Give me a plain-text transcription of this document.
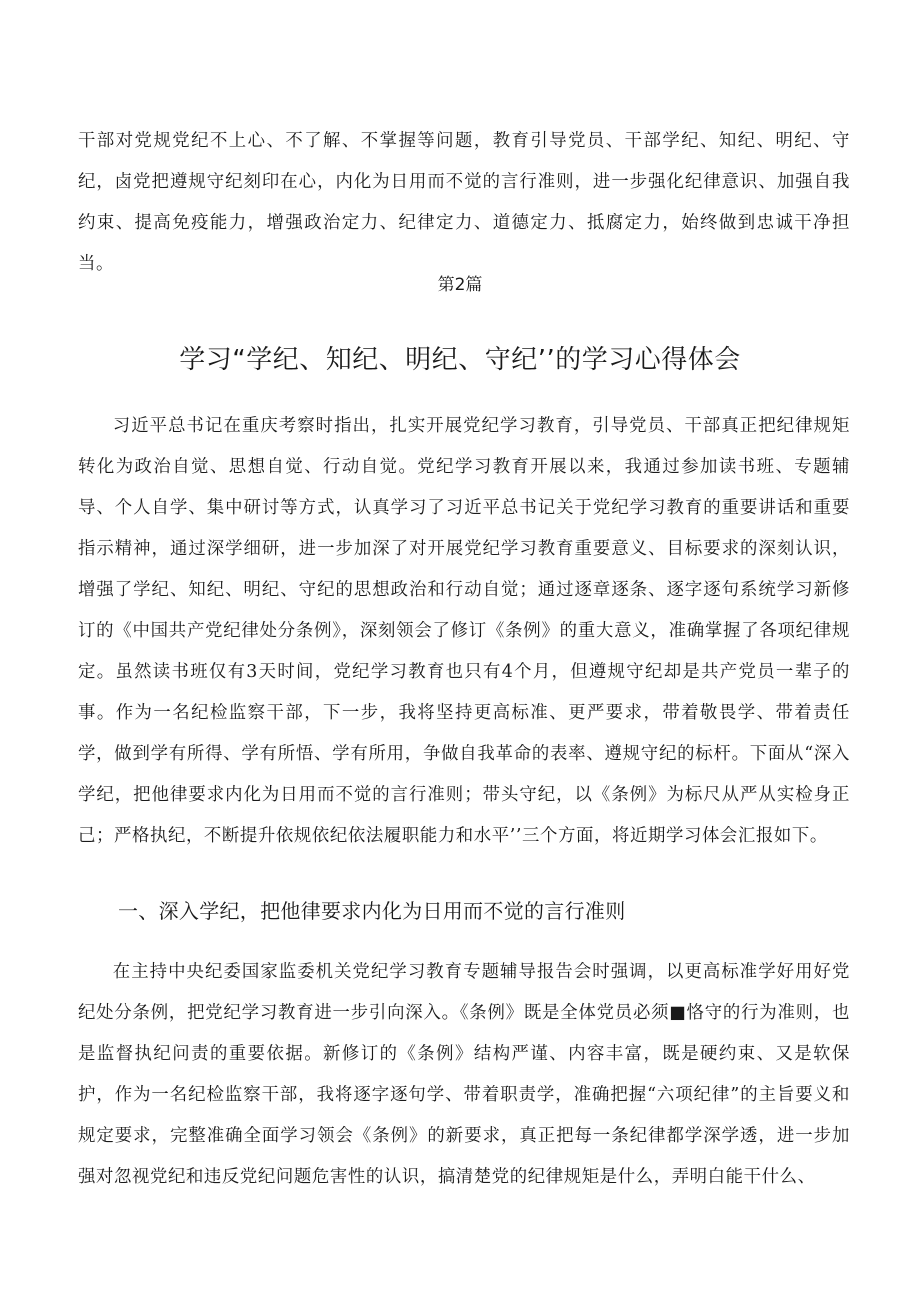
干部对党规党纪不上心、不了解、不掌握等问题，教育引导党员、干部学纪、知纪、明纪、守纪，卤党把遵规守纪刻印在心，内化为日用而不觉的言行准则，进一步强化纪律意识、加强自我约束、提高免疫能力，增强政治定力、纪律定力、道德定力、抵腐定力，始终做到忠诚干净担当。

第2篇
学习“学纪、知纪、明纪、守纪’’的学习心得体会

习近平总书记在重庆考察时指出，扎实开展党纪学习教育，引导党员、干部真正把纪律规矩转化为政治自觉、思想自觉、行动自觉。党纪学习教育开展以来，我通过参加读书班、专题辅导、个人自学、集中研讨等方式，认真学习了习近平总书记关于党纪学习教育的重要讲话和重要指示精神，通过深学细研，进一步加深了对开展党纪学习教育重要意义、目标要求的深刻认识，增强了学纪、知纪、明纪、守纪的思想政治和行动自觉；通过逐章逐条、逐字逐句系统学习新修订的《中国共产党纪律处分条例》，深刻领会了修订《条例》的重大意义，准确掌握了各项纪律规定。虽然读书班仅有3天时间，党纪学习教育也只有4个月，但遵规守纪却是共产党员一辈子的事。作为一名纪检监察干部，下一步，我将坚持更高标准、更严要求，带着敬畏学、带着责任学，做到学有所得、学有所悟、学有所用，争做自我革命的表率、遵规守纪的标杆。下面从“深入学纪，把他律要求内化为日用而不觉的言行准则；带头守纪，以《条例》为标尺从严从实检身正己；严格执纪，不断提升依规依纪依法履职能力和水平’’三个方面，将近期学习体会汇报如下。

一、深入学纪，把他律要求内化为日用而不觉的言行准则

在主持中央纪委国家监委机关党纪学习教育专题辅导报告会时强调，以更高标准学好用好党纪处分条例，把党纪学习教育进一步引向深入。《条例》既是全体党员必须■恪守的行为准则，也是监督执纪问责的重要依据。新修订的《条例》结构严谨、内容丰富，既是硬约束、又是软保护，作为一名纪检监察干部，我将逐字逐句学、带着职责学，准确把握“六项纪律”的主旨要义和规定要求，完整准确全面学习领会《条例》的新要求，真正把每一条纪律都学深学透，进一步加强对忽视党纪和违反党纪问题危害性的认识，搞清楚党的纪律规矩是什么，弄明白能干什么、
